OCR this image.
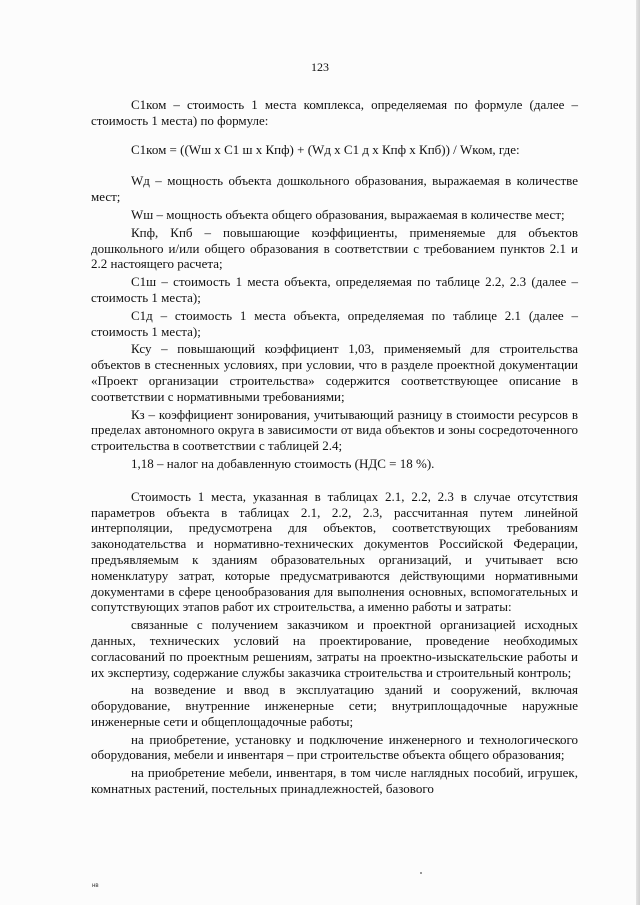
123

С1ком – стоимость 1 места комплекса, определяемая по формуле (далее – стоимость 1 места) по формуле:

С1ком = ((Wш х С1 ш х Кпф) + (Wд х С1 д х Кпф х Кпб)) / Wком, где:

Wд – мощность объекта дошкольного образования, выражаемая в количестве мест;

Wш – мощность объекта общего образования, выражаемая в количестве мест;

Кпф, Кпб – повышающие коэффициенты, применяемые для объектов дошкольного и/или общего образования в соответствии с требованием пунктов 2.1 и 2.2 настоящего расчета;

С1ш – стоимость 1 места объекта, определяемая по таблице 2.2, 2.3 (далее – стоимость 1 места);

С1д – стоимость 1 места объекта, определяемая по таблице 2.1 (далее – стоимость 1 места);

Ксу – повышающий коэффициент 1,03, применяемый для строительства объектов в стесненных условиях, при условии, что в разделе проектной документации «Проект организации строительства» содержится соответствующее описание в соответствии с нормативными требованиями;

Кз – коэффициент зонирования, учитывающий разницу в стоимости ресурсов в пределах автономного округа в зависимости от вида объектов и зоны сосредоточенного строительства в соответствии с таблицей 2.4;

1,18 – налог на добавленную стоимость (НДС = 18 %).

Стоимость 1 места, указанная в таблицах 2.1, 2.2, 2.3 в случае отсутствия параметров объекта в таблицах 2.1, 2.2, 2.3, рассчитанная путем линейной интерполяции, предусмотрена для объектов, соответствующих требованиям законодательства и нормативно-технических документов Российской Федерации, предъявляемым к зданиям образовательных организаций, и учитывает всю номенклатуру затрат, которые предусматриваются действующими нормативными документами в сфере ценообразования для выполнения основных, вспомогательных и сопутствующих этапов работ их строительства, а именно работы и затраты:

связанные с получением заказчиком и проектной организацией исходных данных, технических условий на проектирование, проведение необходимых согласований по проектным решениям, затраты на проектно-изыскательские работы и их экспертизу, содержание службы заказчика строительства и строительный контроль;

на возведение и ввод в эксплуатацию зданий и сооружений, включая оборудование, внутренние инженерные сети; внутриплощадочные наружные инженерные сети и общеплощадочные работы;

на приобретение, установку и подключение инженерного и технологического оборудования, мебели и инвентаря – при строительстве объекта общего образования;

на приобретение мебели, инвентаря, в том числе наглядных пособий, игрушек, комнатных растений, постельных принадлежностей, базового

нв
